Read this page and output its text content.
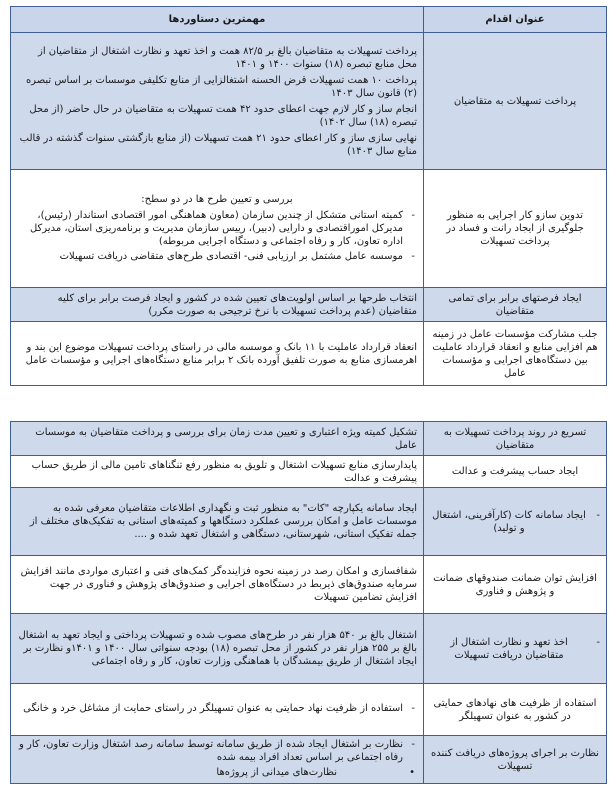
مهمترین دستاوردها	عنوان اقدام

پرداخت تسهیلات به متقاضیان بالغ بر ۸۲/۵ همت و اخذ تعهد و نظارت اشتغال از متقاضیان از محل منابع تبصره (۱۸) سنوات ۱۴۰۰ و ۱۴۰۱

پرداخت ۱۰ همت تسهیلات قرض الحسنه اشتغالزایی از منابع تکلیفی موسسات بر اساس تبصره (۲) قانون سال ۱۴۰۳

انجام ساز و کار لازم جهت اعطای حدود ۴۲ همت تسهیلات به متقاضیان در حال حاضر (از محل تبصره (۱۸) سال ۱۴۰۲)

نهایی سازی ساز و کار اعطای حدود ۲۱ همت تسهیلات (از منابع بازگشتی سنوات گذشته در قالب منابع سال ۱۴۰۳)	پرداخت تسهیلات به متقاضیان

بررسی و تعیین طرح ها در دو سطح:

- کمیته استانی متشکل از چندین سازمان (معاون هماهنگی امور اقتصادی استاندار (رئیس)، مدیرکل اموراقتصادی و دارایی (دبیر)، رییس سازمان مدیریت و برنامه‌ریزی استان، مدیرکل اداره تعاون، کار و رفاه اجتماعی و دستگاه اجرایی مربوطه)

- موسسه عامل مشتمل بر ارزیابی فنی- اقتصادی طرح‌های متقاضی دریافت تسهیلات	تدوین سازو کار اجرایی به منظور جلوگیری از ایجاد رانت و فساد در پرداخت تسهیلات
انتخاب طرحها بر اساس اولویت‌های تعیین شده در کشور و ایجاد فرصت برابر برای کلیه متقاضیان (عدم پرداخت تسهیلات با نرخ ترجیحی به صورت مکرر)	ایجاد فرصتهای برابر برای تمامی متقاضیان
انعقاد قرارداد عاملیت با ۱۱ بانک و موسسه مالی در راستای پرداخت تسهیلات موضوع این بند و اهرمسازی منابع به صورت تلفیق آورده بانک ۲ برابر منابع دستگاه‌های اجرایی و مؤسسات عامل	جلب مشارکت مؤسسات عامل در زمینه هم افزایی منابع و انعقاد قرارداد عاملیت بین دستگاه‌های اجرایی و مؤسسات عامل
تشکیل کمیته ویژه اعتباری و تعیین مدت زمان برای بررسی و پرداخت متقاضیان به موسسات عامل	تسریع در روند پرداخت تسهیلات به متقاضیان
پایدارسازی منابع تسهیلات اشتغال و تلویق به منظور رفع تنگناهای تامین مالی از طریق حساب پیشرفت و عدالت	ایجاد حساب پیشرفت و عدالت
ایجاد سامانه یکپارچه "کات" به منظور ثبت و نگهداری اطلاعات متقاضیان معرفی شده به موسسات عامل و امکان بررسی عملکرد دستگاهها و کمیته‌های استانی به تفکیک‌های مختلف از جمله تفکیک استانی، شهرستانی، دستگاهی و اشتغال تعهد شده و ....	- ایجاد سامانه کات (کارآفرینی، اشتغال و تولید)
شفافسازی و امکان رصد در زمینه نحوه فزاینده‌گر کمک‌های فنی و اعتباری مواردی مانند افزایش سرمایه صندوق‌های ذیربط در دستگاه‌های اجرایی و صندوق‌های پژوهش و فناوری در جهت افزایش تضامین تسهیلات	افزایش توان ضمانت صندوقهای ضمانت و پژوهش و فناوری
اشتغال بالغ بر ۵۴۰ هزار نفر در طرح‌های مصوب شده و تسهیلات پرداختی و ایجاد تعهد به اشتغال بالغ بر ۲۵۵ هزار نفر در کشور از محل تبصره (۱۸) بودجه سنواتی سال ۱۴۰۰ و ۱۴۰۱و نظارت بر ایجاد اشتغال از طریق بیمشدگان با هماهنگی وزارت تعاون، کار و رفاه اجتماعی	- اخذ تعهد و نظارت اشتغال از متقاضیان دریافت تسهیلات

- استفاده از ظرفیت نهاد حمایتی به عنوان تسهیلگر در راستای حمایت از مشاغل خرد و خانگی	استفاده از ظرفیت های نهادهای حمایتی در کشور به عنوان تسهیلگر

- نظارت بر اشتغال ایجاد شده از طریق سامانه توسط سامانه رصد اشتغال وزارت تعاون، کار و رفاه اجتماعی بر اساس تعداد افراد بیمه شده

• نظارت‌های میدانی از پروژه‌ها	نظارت بر اجرای پروژه‌های دریافت کننده تسهیلات
